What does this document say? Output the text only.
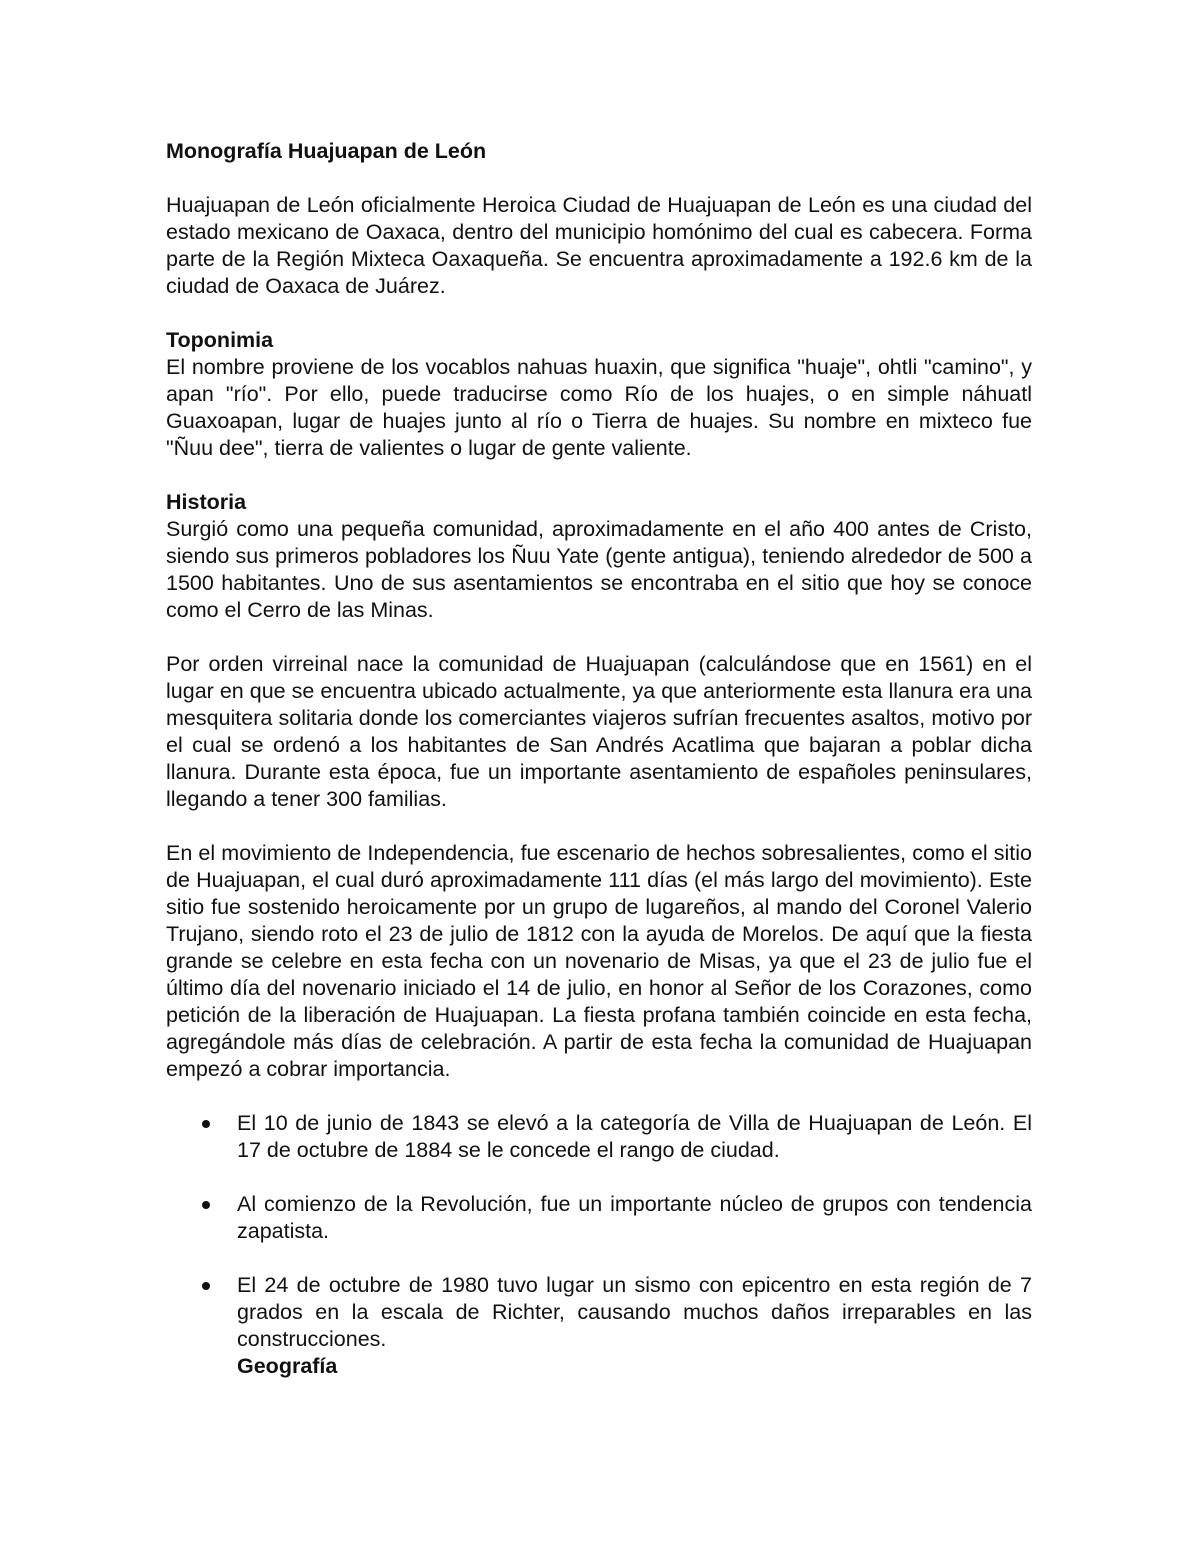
Monografía Huajuapan de León

Huajuapan de León oficialmente Heroica Ciudad de Huajuapan de León es una ciudad del estado mexicano de Oaxaca, dentro del municipio homónimo del cual es cabecera. Forma parte de la Región Mixteca Oaxaqueña. Se encuentra aproximadamente a 192.6 km de la ciudad de Oaxaca de Juárez.

Toponimia

El nombre proviene de los vocablos nahuas huaxin, que significa "huaje", ohtli "camino", y apan "río". Por ello, puede traducirse como Río de los huajes, o en simple náhuatl Guaxoapan, lugar de huajes junto al río o Tierra de huajes. Su nombre en mixteco fue "Ñuu dee", tierra de valientes o lugar de gente valiente.

Historia

Surgió como una pequeña comunidad, aproximadamente en el año 400 antes de Cristo, siendo sus primeros pobladores los Ñuu Yate (gente antigua), teniendo alrededor de 500 a 1500 habitantes. Uno de sus asentamientos se encontraba en el sitio que hoy se conoce como el Cerro de las Minas.

Por orden virreinal nace la comunidad de Huajuapan (calculándose que en 1561) en el lugar en que se encuentra ubicado actualmente, ya que anteriormente esta llanura era una mesquitera solitaria donde los comerciantes viajeros sufrían frecuentes asaltos, motivo por el cual se ordenó a los habitantes de San Andrés Acatlima que bajaran a poblar dicha llanura. Durante esta época, fue un importante asentamiento de españoles peninsulares, llegando a tener 300 familias.

En el movimiento de Independencia, fue escenario de hechos sobresalientes, como el sitio de Huajuapan, el cual duró aproximadamente 111 días (el más largo del movimiento). Este sitio fue sostenido heroicamente por un grupo de lugareños, al mando del Coronel Valerio Trujano, siendo roto el 23 de julio de 1812 con la ayuda de Morelos. De aquí que la fiesta grande se celebre en esta fecha con un novenario de Misas, ya que el 23 de julio fue el último día del novenario iniciado el 14 de julio, en honor al Señor de los Corazones, como petición de la liberación de Huajuapan. La fiesta profana también coincide en esta fecha, agregándole más días de celebración. A partir de esta fecha la comunidad de Huajuapan empezó a cobrar importancia.

El 10 de junio de 1843 se elevó a la categoría de Villa de Huajuapan de León. El 17 de octubre de 1884 se le concede el rango de ciudad.
Al comienzo de la Revolución, fue un importante núcleo de grupos con tendencia zapatista.
El 24 de octubre de 1980 tuvo lugar un sismo con epicentro en esta región de 7 grados en la escala de Richter, causando muchos daños irreparables en las construcciones.
Geografía
